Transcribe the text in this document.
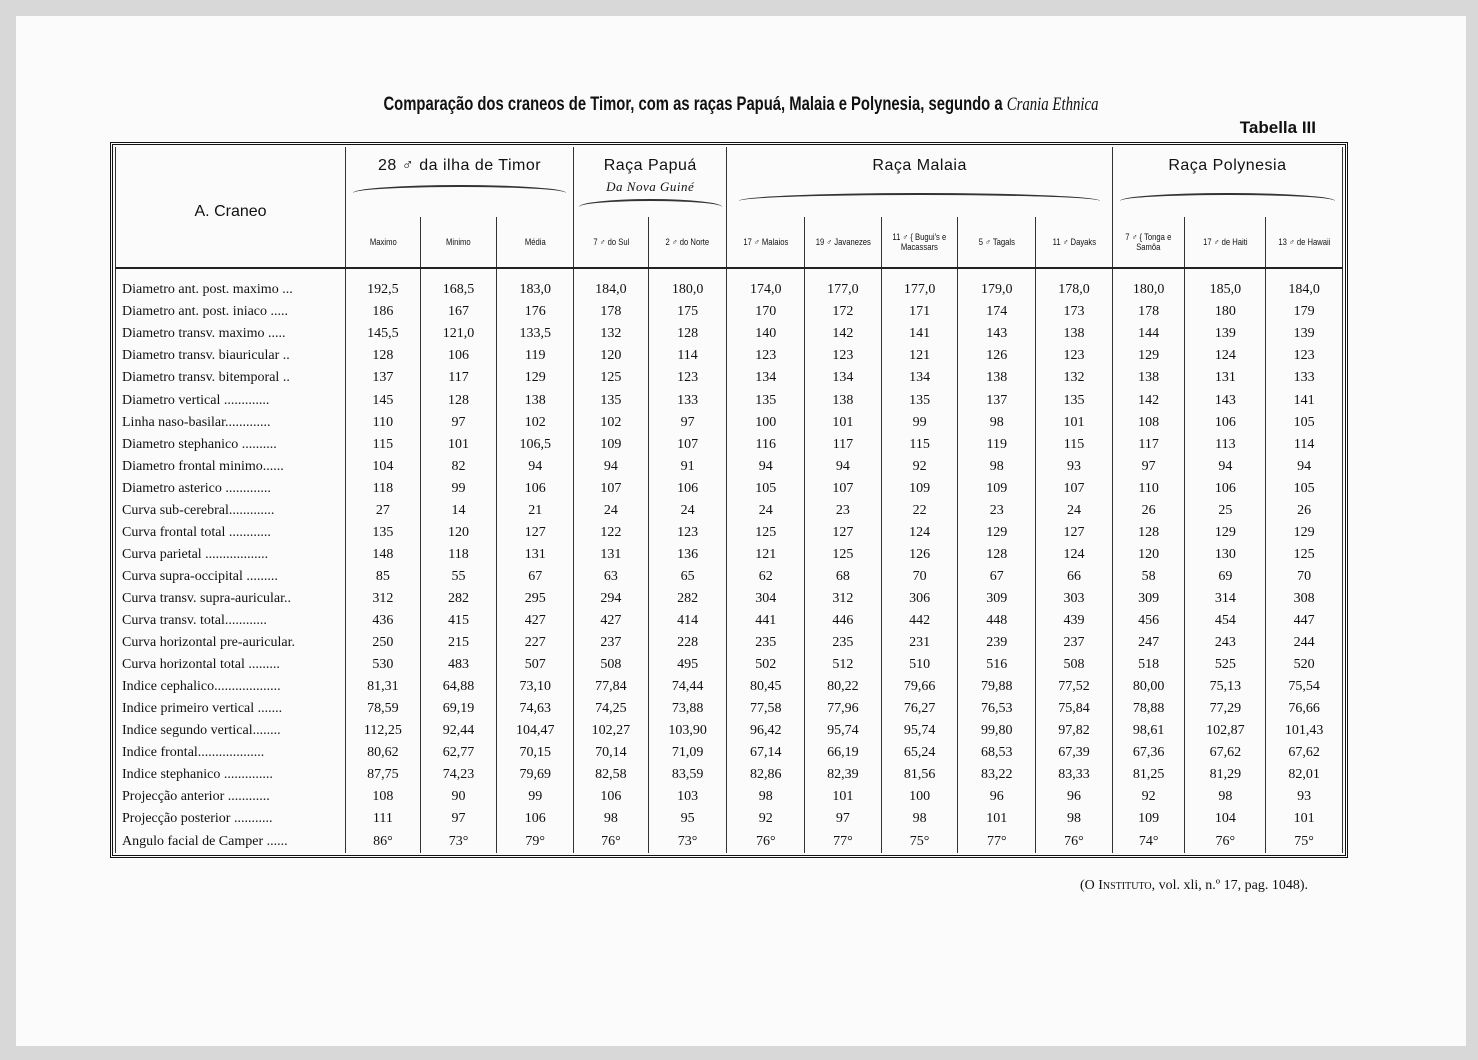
Comparação dos craneos de Timor, com as raças Papuá, Malaia e Polynesia, segundo a Crania Ethnica
Tabella III
A. Craneo	28 ♂ da ilha de Timor			Raça Papuá
Da Nova Guiné		Raça Malaia					Raça Polynesia		

	Maximo	Minimo	Média	7 ♂ do Sul	2 ♂ do Norte	17 ♂ Malaios	19 ♂ Javanezes	11 ♂ { Bugui's e Macassars	5 ♂ Tagals	11 ♂ Dayaks	7 ♂ { Tonga e Samôa	17 ♂ de Haiti	13 ♂ de Hawaii
Diametro ant. post. maximo ...	192,5	168,5	183,0	184,0	180,0	174,0	177,0	177,0	179,0	178,0	180,0	185,0	184,0
Diametro ant. post. iniaco .....	186	167	176	178	175	170	172	171	174	173	178	180	179
Diametro transv. maximo .....	145,5	121,0	133,5	132	128	140	142	141	143	138	144	139	139
Diametro transv. biauricular ..	128	106	119	120	114	123	123	121	126	123	129	124	123
Diametro transv. bitemporal ..	137	117	129	125	123	134	134	134	138	132	138	131	133
Diametro vertical .............	145	128	138	135	133	135	138	135	137	135	142	143	141
Linha naso-basilar.............	110	97	102	102	97	100	101	99	98	101	108	106	105
Diametro stephanico ..........	115	101	106,5	109	107	116	117	115	119	115	117	113	114
Diametro frontal minimo......	104	82	94	94	91	94	94	92	98	93	97	94	94
Diametro asterico .............	118	99	106	107	106	105	107	109	109	107	110	106	105
Curva sub-cerebral.............	27	14	21	24	24	24	23	22	23	24	26	25	26
Curva frontal total ............	135	120	127	122	123	125	127	124	129	127	128	129	129
Curva parietal ..................	148	118	131	131	136	121	125	126	128	124	120	130	125
Curva supra-occipital .........	85	55	67	63	65	62	68	70	67	66	58	69	70
Curva transv. supra-auricular..	312	282	295	294	282	304	312	306	309	303	309	314	308
Curva transv. total............	436	415	427	427	414	441	446	442	448	439	456	454	447
Curva horizontal pre-auricular.	250	215	227	237	228	235	235	231	239	237	247	243	244
Curva horizontal total .........	530	483	507	508	495	502	512	510	516	508	518	525	520
Indice cephalico...................	81,31	64,88	73,10	77,84	74,44	80,45	80,22	79,66	79,88	77,52	80,00	75,13	75,54
Indice primeiro vertical .......	78,59	69,19	74,63	74,25	73,88	77,58	77,96	76,27	76,53	75,84	78,88	77,29	76,66
Indice segundo vertical........	112,25	92,44	104,47	102,27	103,90	96,42	95,74	95,74	99,80	97,82	98,61	102,87	101,43
Indice frontal...................	80,62	62,77	70,15	70,14	71,09	67,14	66,19	65,24	68,53	67,39	67,36	67,62	67,62
Indice stephanico ..............	87,75	74,23	79,69	82,58	83,59	82,86	82,39	81,56	83,22	83,33	81,25	81,29	82,01
Projecção anterior ............	108	90	99	106	103	98	101	100	96	96	92	98	93
Projecção posterior ...........	111	97	106	98	95	92	97	98	101	98	109	104	101
Angulo facial de Camper ......	86°	73°	79°	76°	73°	76°	77°	75°	77°	76°	74°	76°	75°
(O Instituto, vol. xli, n.º 17, pag. 1048).
